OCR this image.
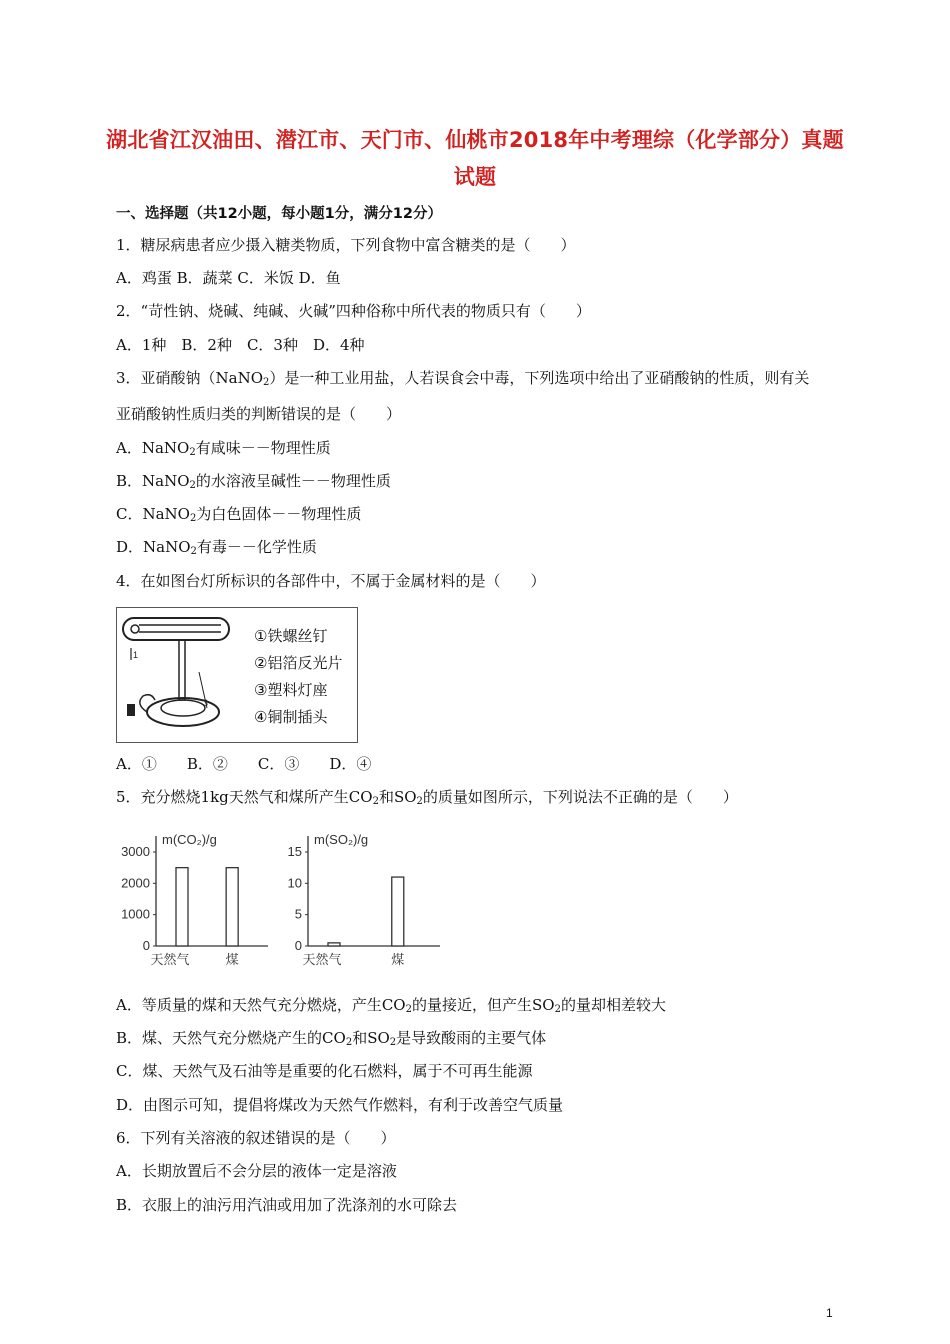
湖北省江汉油田、潜江市、天门市、仙桃市2018年中考理综（化学部分）真题
试题
一、选择题（共12小题，每小题1分，满分12分）
1．糖尿病患者应少摄入糖类物质，下列食物中富含糖类的是（　　）
A．鸡蛋 B．蔬菜 C．米饭 D．鱼
2．“苛性钠、烧碱、纯碱、火碱”四种俗称中所代表的物质只有（　　）
A．1种　B．2种　C．3种　D．4种
3．亚硝酸钠（NaNO$_2$）是一种工业用盐，人若误食会中毒，下列选项中给出了亚硝酸钠的性质，则有关
亚硝酸钠性质归类的判断错误的是（　　）
A．NaNO$_2$有咸味－－物理性质
B．NaNO$_2$的水溶液呈碱性－－物理性质
C．NaNO$_2$为白色固体－－物理性质
D．NaNO$_2$有毒－－化学性质
4．在如图台灯所标识的各部件中，不属于金属材料的是（　　）
1
3
①铁螺丝钉
②铝箔反光片
③塑料灯座
④铜制插头
A．①　　B．②　　C．③　　D．④
5．充分燃烧1kg天然气和煤所产生$CO_2$和$SO_2$的质量如图所示，下列说法不正确的是（　　）
m(CO₂)/g
3000
2000
1000
0
天然气	煤
m(SO₂)/g
15
10
5
0
天然气	煤
A．等质量的煤和天然气充分燃烧，产生$CO_2$的量接近，但产生$SO_2$的量却相差较大
B．煤、天然气充分燃烧产生的$CO_2$和$SO_2$是导致酸雨的主要气体
C．煤、天然气及石油等是重要的化石燃料，属于不可再生能源
D．由图示可知，提倡将煤改为天然气作燃料，有利于改善空气质量
6．下列有关溶液的叙述错误的是（　　）
A．长期放置后不会分层的液体一定是溶液
B．衣服上的油污用汽油或用加了洗涤剂的水可除去
1
